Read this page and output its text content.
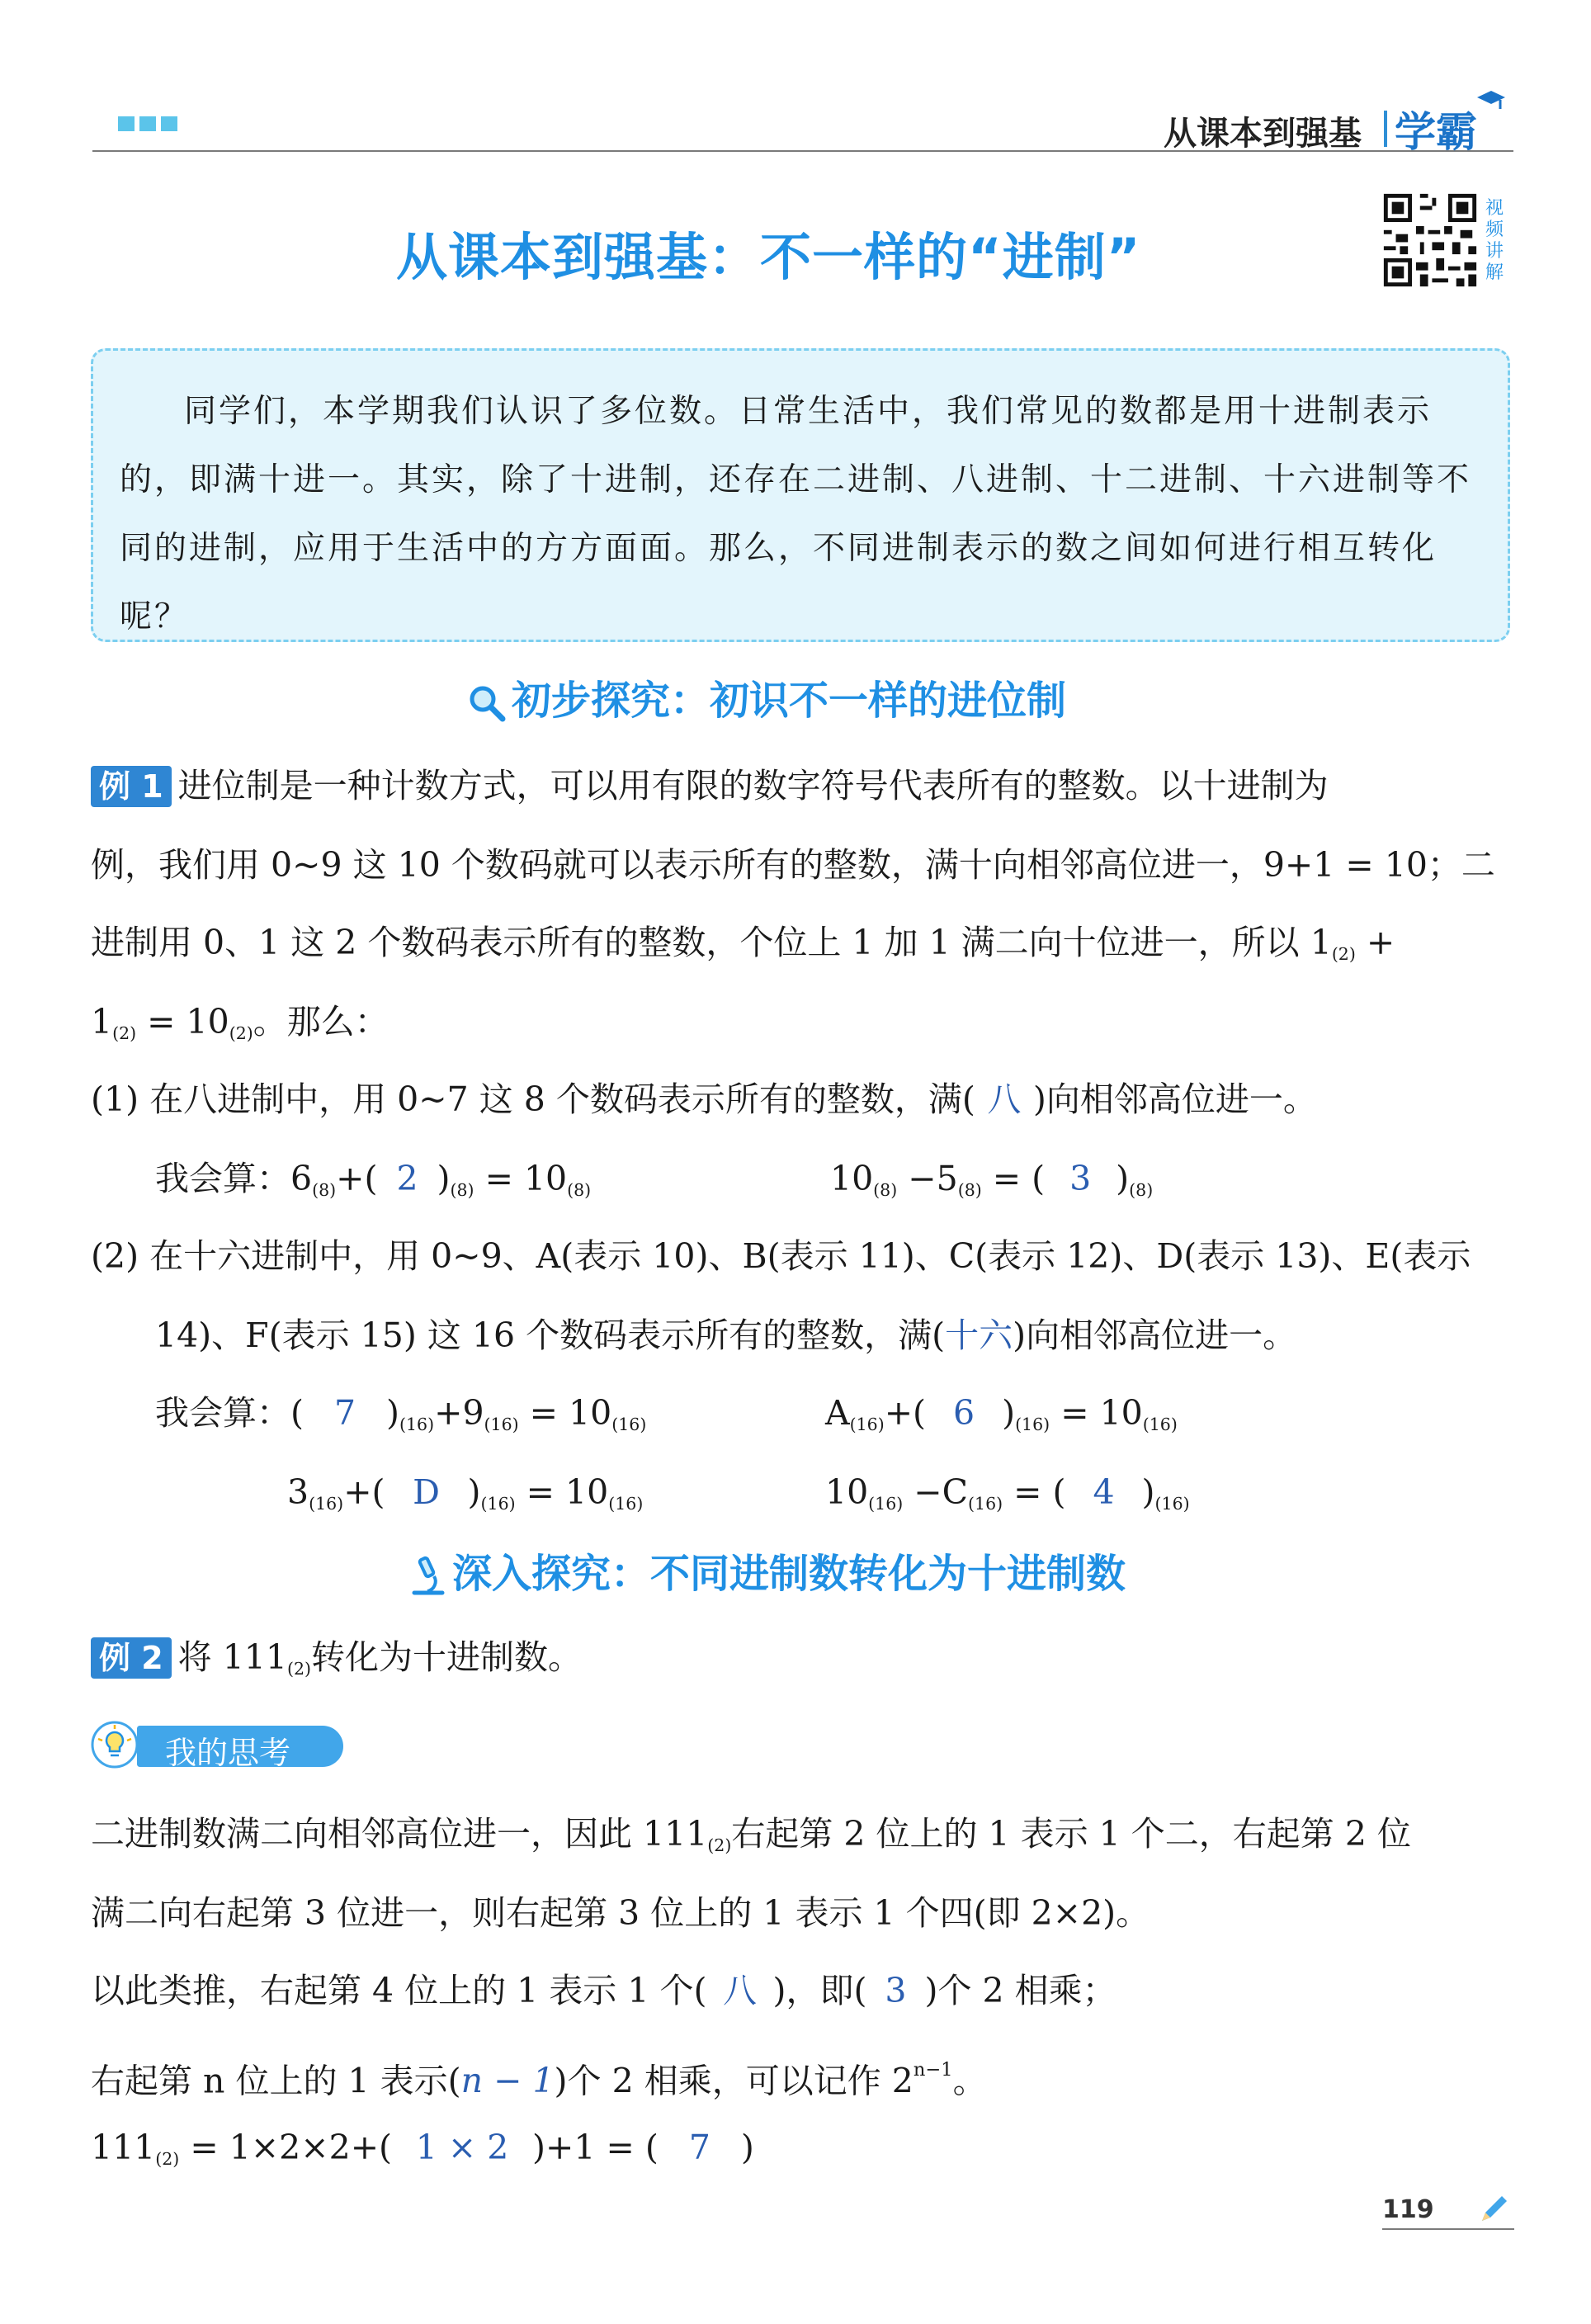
从课本到强基 学霸
从课本到强基：不一样的“进制”
视频讲解

同学们，本学期我们认识了多位数。日常生活中，我们常见的数都是用十进制表示的，即满十进一。其实，除了十进制，还存在二进制、八进制、十二进制、十六进制等不同的进制，应用于生活中的方方面面。那么，不同进制表示的数之间如何进行相互转化呢？

初步探究：初识不一样的进位制
例 1 进位制是一种计数方式，可以用有限的数字符号代表所有的整数。以十进制为
例，我们用 0~9 这 10 个数码就可以表示所有的整数，满十向相邻高位进一，9+1 = 10；二
进制用 0、1 这 2 个数码表示所有的整数，个位上 1 加 1 满二向十位进一，所以 $1_{(2)}$ +
$1_{(2)} = 10_{(2)}$。那么：
(1) 在八进制中，用 0~7 这 8 个数码表示所有的整数，满( 八 )向相邻高位进一。
我会算：$6_{(8)}+$( 2 )$_{(8)} = 10_{(8)}$	$10_{(8)} -5_{(8)}$ = ( 3 )$_{(8)}$
(2) 在十六进制中，用 0~9、A(表示 10)、B(表示 11)、C(表示 12)、D(表示 13)、E(表示
14)、F(表示 15) 这 16 个数码表示所有的整数，满(十六)向相邻高位进一。
我会算：( 7 )$_{(16)}+9_{(16)} = 10_{(16)}$	$A_{(16)}+$( 6 )$_{(16)} = 10_{(16)}$
$3_{(16)}+$( D )$_{(16)} = 10_{(16)}$	$10_{(16)} -C_{(16)}$ = ( 4 )$_{(16)}$
深入探究：不同进制数转化为十进制数
例 2 将 $111_{(2)}$转化为十进制数。
我的思考
二进制数满二向相邻高位进一，因此 $111_{(2)}$右起第 2 位上的 1 表示 1 个二，右起第 2 位
满二向右起第 3 位进一，则右起第 3 位上的 1 表示 1 个四(即 2×2)。
以此类推，右起第 4 位上的 1 表示 1 个( 八 )，即( 3 )个 2 相乘；
右起第 n 位上的 1 表示(n − 1)个 2 相乘，可以记作 $2^{n-1}$。
$111_{(2)} = 1\times 2\times 2+$( 1 × 2 )+1 = ( 7 )
119
